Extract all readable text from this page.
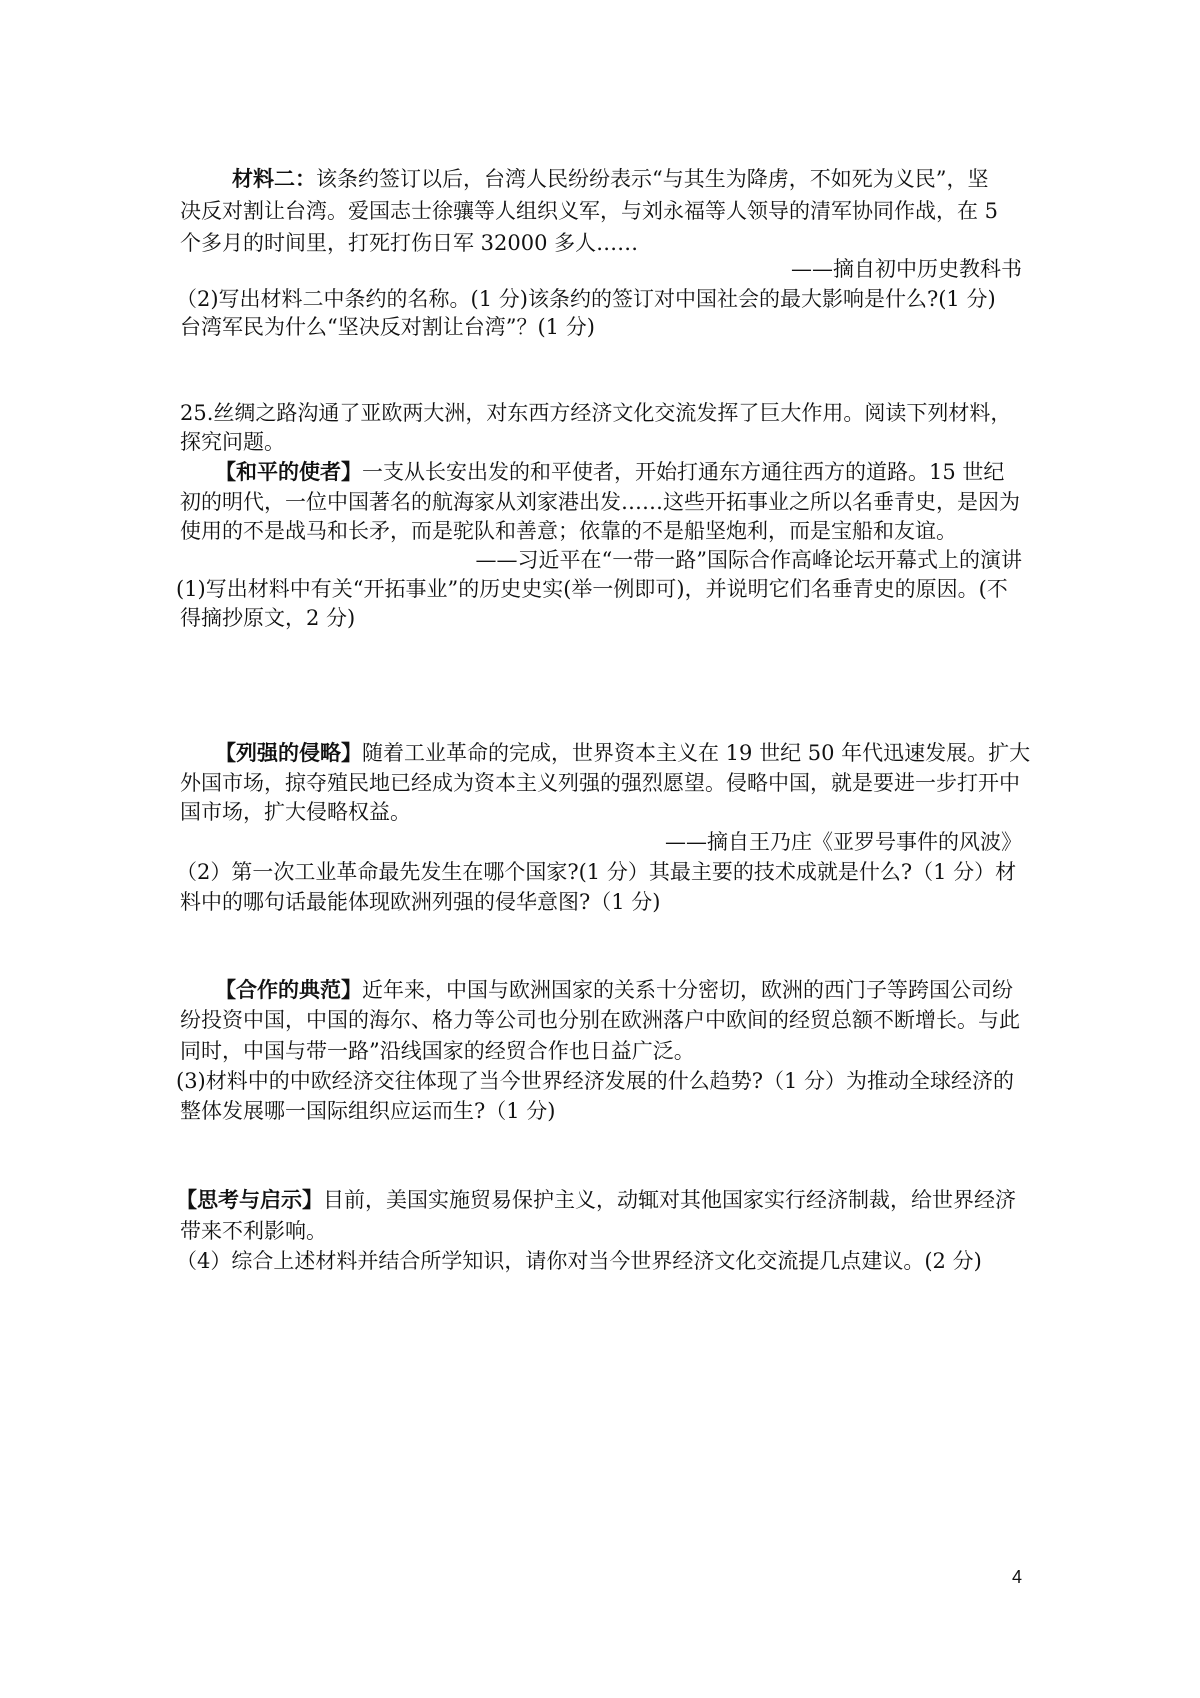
材料二：该条约签订以后，台湾人民纷纷表示“与其生为降虏，不如死为义民”，坚
决反对割让台湾。爱国志士徐骧等人组织义军，与刘永福等人领导的清军协同作战，在 5
个多月的时间里，打死打伤日军 32000 多人……
——摘自初中历史教科书
（2)写出材料二中条约的名称。(1 分)该条约的签订对中国社会的最大影响是什么?(1 分)
台湾军民为什么“坚决反对割让台湾”？(1 分)
25.丝绸之路沟通了亚欧两大洲，对东西方经济文化交流发挥了巨大作用。阅读下列材料，
探究问题。
【和平的使者】一支从长安出发的和平使者，开始打通东方通往西方的道路。15 世纪
初的明代，一位中国著名的航海家从刘家港出发……这些开拓事业之所以名垂青史，是因为
使用的不是战马和长矛，而是驼队和善意；依靠的不是船坚炮利，而是宝船和友谊。
——习近平在“一带一路”国际合作高峰论坛开幕式上的演讲
(1)写出材料中有关“开拓事业”的历史史实(举一例即可)，并说明它们名垂青史的原因。(不
得摘抄原文，2 分)
【列强的侵略】随着工业革命的完成，世界资本主义在 19 世纪 50 年代迅速发展。扩大
外国市场，掠夺殖民地已经成为资本主义列强的强烈愿望。侵略中国，就是要进一步打开中
国市场，扩大侵略权益。
——摘自王乃庄《亚罗号事件的风波》
（2）第一次工业革命最先发生在哪个国家?(1 分）其最主要的技术成就是什么?（1 分）材
料中的哪句话最能体现欧洲列强的侵华意图?（1 分)
【合作的典范】近年来，中国与欧洲国家的关系十分密切，欧洲的西门子等跨国公司纷
纷投资中国，中国的海尔、格力等公司也分别在欧洲落户中欧间的经贸总额不断增长。与此
同时，中国与带一路”沿线国家的经贸合作也日益广泛。
(3)材料中的中欧经济交往体现了当今世界经济发展的什么趋势?（1 分）为推动全球经济的
整体发展哪一国际组织应运而生?（1 分)
【思考与启示】目前，美国实施贸易保护主义，动辄对其他国家实行经济制裁，给世界经济
带来不利影响。
（4）综合上述材料并结合所学知识，请你对当今世界经济文化交流提几点建议。(2 分)
4
